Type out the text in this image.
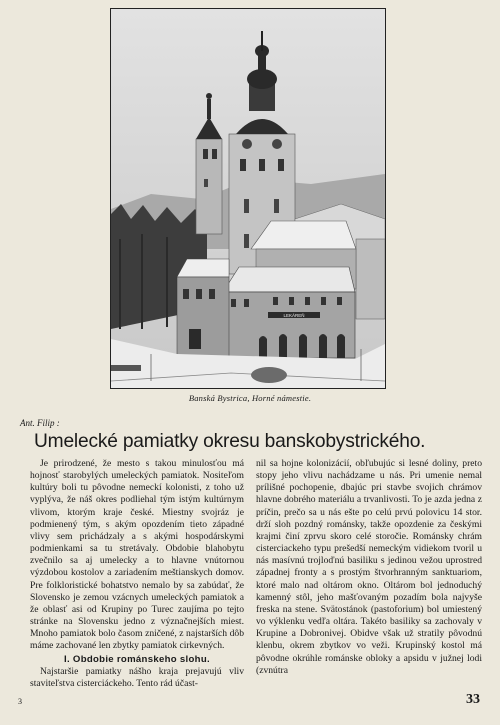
LEKÁREŇ
Banská Bystrica, Horné námestie.
Ant. Filip :
Umelecké pamiatky okresu banskobystrického.

Je prirodzené, že mesto s takou minulosťou má hojnosť starobylých umeleckých pamiatok. Nositeľom kultúry boli tu pôvodne nemeckí kolonisti, z toho už vyplýva, že náš okres podliehal tým istým kultúrnym vlivom, ktorým kraje české. Miestny svojráz je podmienený tým, s akým opozdením tieto západné vlivy sem prichádzaly a s akými hospodárskymi podmienkami sa tu stretávaly. Obdobie blahobytu zvečnilo sa aj umelecky a to hlavne vnútornou výzdobou kostolov a zariadením meštianskych domov. Pre folkloristické bohatstvo nemalo by sa zabúdať, že Slovensko je zemou vzácnych umeleckých pamiatok a že oblasť asi od Krupiny po Turec zaujíma po tejto stránke na Slovensku jedno z význačnejších miest. Mnoho pamiatok bolo časom zničené, z najstarších dôb máme zachované len zbytky pamiatok cirkevných.

I. Obdobie románskeho slohu.

Najstaršie pamiatky nášho kraja prejavujú vliv staviteľstva cisterciáckeho. Tento rád účast-

nil sa hojne kolonizácií, obľubujúc si lesné doliny, preto stopy jeho vlivu nachádzame u nás. Pri umenie nemal prílišné pochopenie, dbajúc pri stavbe svojich chrámov hlavne dobrého materiálu a trvanlivosti. To je azda jedna z príčin, prečo sa u nás ešte po celú prvú polovicu 14 stor. drží sloh pozdný románsky, takže opozdenie za českými krajmi činí zprvu skoro celé storočie. Románsky chrám cisterciackeho typu prešedší nemeckým vidiekom tvoril u nás masívnú trojloďnú basiliku s jedinou vežou uprostred západnej fronty a s prostým štvorhranným sanktuariom, ktoré malo nad oltárom okno. Oltárom bol jednoduchý kamenný stôl, jeho mašťovaným pozadím bola najvyše freska na stene. Svätostánok (pastoforium) bol umiestený vo výklenku vedľa oltára. Takéto basiliky sa zachovaly v Krupine a Dobronivej. Obidve však už stratily pôvodnú klenbu, okrem zbytkov vo veži. Krupinský kostol má pôvodne okrúhle románske obloky a apsidu v južnej lodi (zvnútra

3	33
